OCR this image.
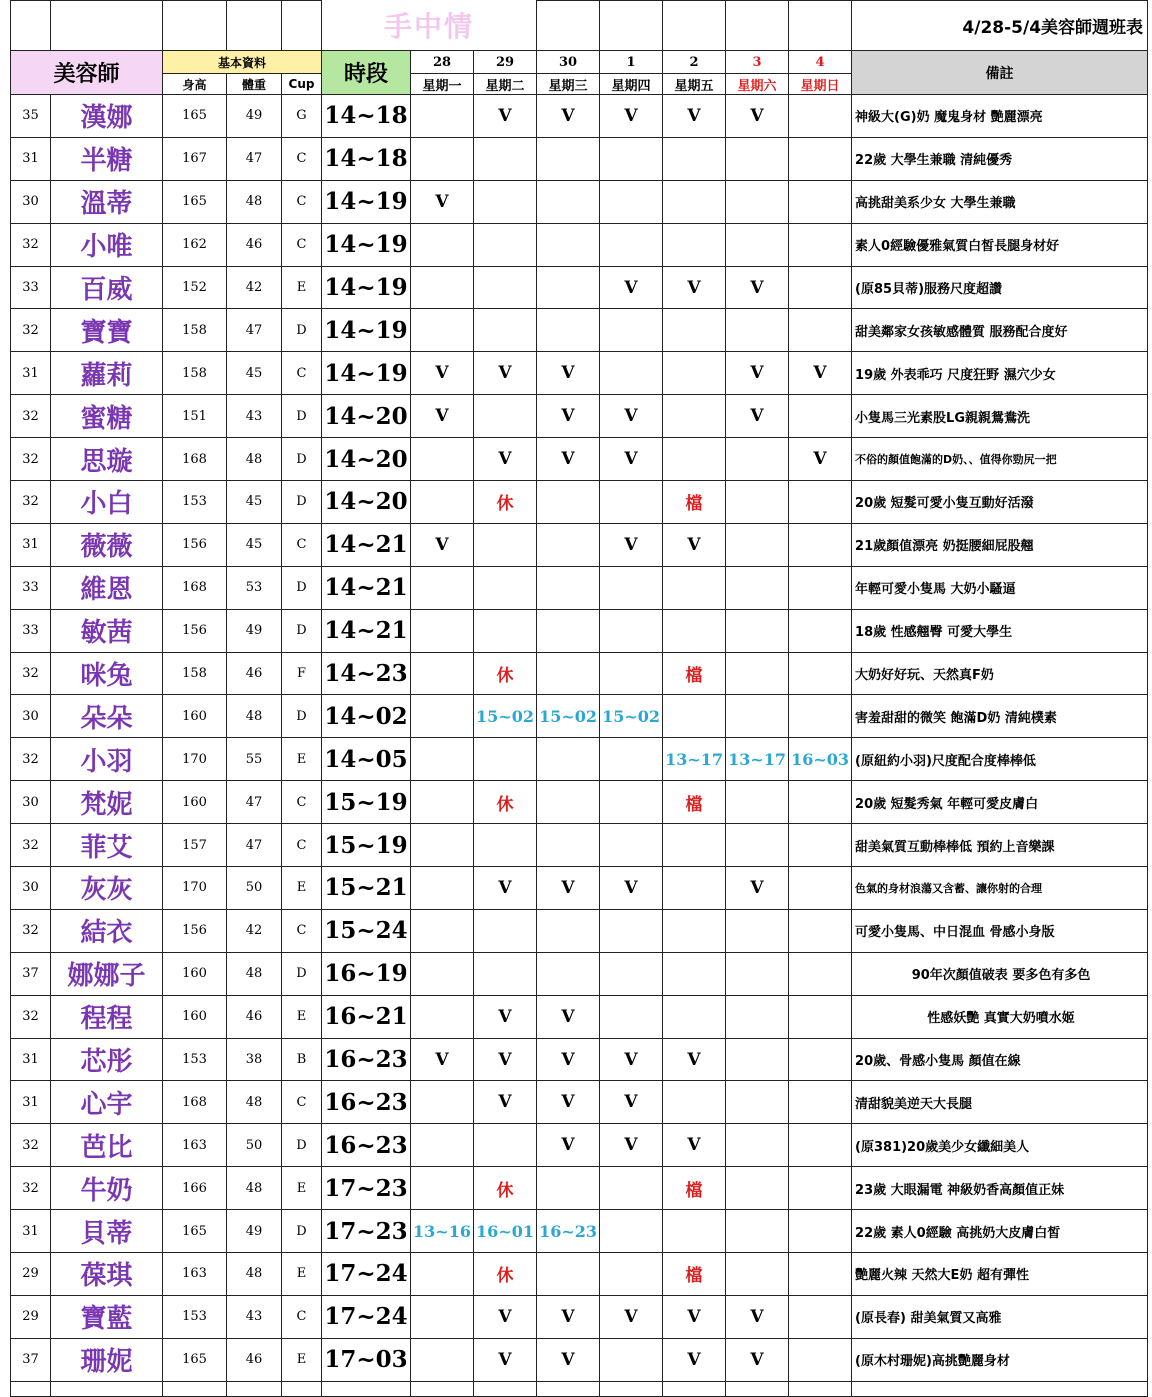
					手中情								4/28-5/4美容師週班表
美容師		基本資料			時段	28	29	30	1	2	3	4	備註
		身高	體重	Cup		星期一	星期二	星期三	星期四	星期五	星期六	星期日	
35	漢娜	165	49	G	14~18		V	V	V	V	V		神級大(G)奶 魔鬼身材 艷麗漂亮
31	半糖	167	47	C	14~18								22歲 大學生兼職 清純優秀
30	溫蒂	165	48	C	14~19	V							高挑甜美系少女 大學生兼職
32	小唯	162	46	C	14~19								素人0經驗優雅氣質白皙長腿身材好
33	百威	152	42	E	14~19				V	V	V		(原85貝蒂)服務尺度超讚
32	寶寶	158	47	D	14~19								甜美鄰家女孩敏感體質 服務配合度好
31	蘿莉	158	45	C	14~19	V	V	V			V	V	19歲 外表乖巧 尺度狂野 濕穴少女
32	蜜糖	151	43	D	14~20	V		V	V		V		小隻馬三光素股LG親親鴛鴦洗
32	思璇	168	48	D	14~20		V	V	V			V	不俗的顏值飽滿的D奶、、值得你勁尻一把
32	小白	153	45	D	14~20		休			檔			20歲 短髮可愛小隻互動好活潑
31	薇薇	156	45	C	14~21	V			V	V			21歲顏值漂亮 奶挺腰細屁股翹
33	維恩	168	53	D	14~21								年輕可愛小隻馬 大奶小騷逼
33	敏茜	156	49	D	14~21								18歲 性感翹臀 可愛大學生
32	咪兔	158	46	F	14~23		休			檔			大奶好好玩、天然真F奶
30	朵朵	160	48	D	14~02		15~02	15~02	15~02				害羞甜甜的微笑 飽滿D奶 清純樸素
32	小羽	170	55	E	14~05					13~17	13~17	16~03	(原紐約小羽)尺度配合度棒棒低
30	梵妮	160	47	C	15~19		休			檔			20歲 短髮秀氣 年輕可愛皮膚白
32	菲艾	157	47	C	15~19								甜美氣質互動棒棒低 預約上音樂課
30	灰灰	170	50	E	15~21		V	V	V		V		色氣的身材浪蕩又含蓄、讓你射的合理
32	結衣	156	42	C	15~24								可愛小隻馬、中日混血 骨感小身版
37	娜娜子	160	48	D	16~19								90年次顏值破表 要多色有多色
32	程程	160	46	E	16~21		V	V					性感妖艷 真實大奶噴水姬
31	芯彤	153	38	B	16~23	V	V	V	V	V			20歲、骨感小隻馬 顏值在線
31	心宇	168	48	C	16~23		V	V	V				清甜貌美逆天大長腿
32	芭比	163	50	D	16~23			V	V	V			(原381)20歲美少女纖細美人
32	牛奶	166	48	E	17~23		休			檔			23歲 大眼漏電 神級奶香高顏值正妹
31	貝蒂	165	49	D	17~23	13~16	16~01	16~23					22歲 素人0經驗 高挑奶大皮膚白皙
29	葆琪	163	48	E	17~24		休			檔			艷麗火辣 天然大E奶 超有彈性
29	寶藍	153	43	C	17~24		V	V	V	V	V		(原長春) 甜美氣質又高雅
37	珊妮	165	46	E	17~03		V	V		V	V		(原木村珊妮)高挑艷麗身材
